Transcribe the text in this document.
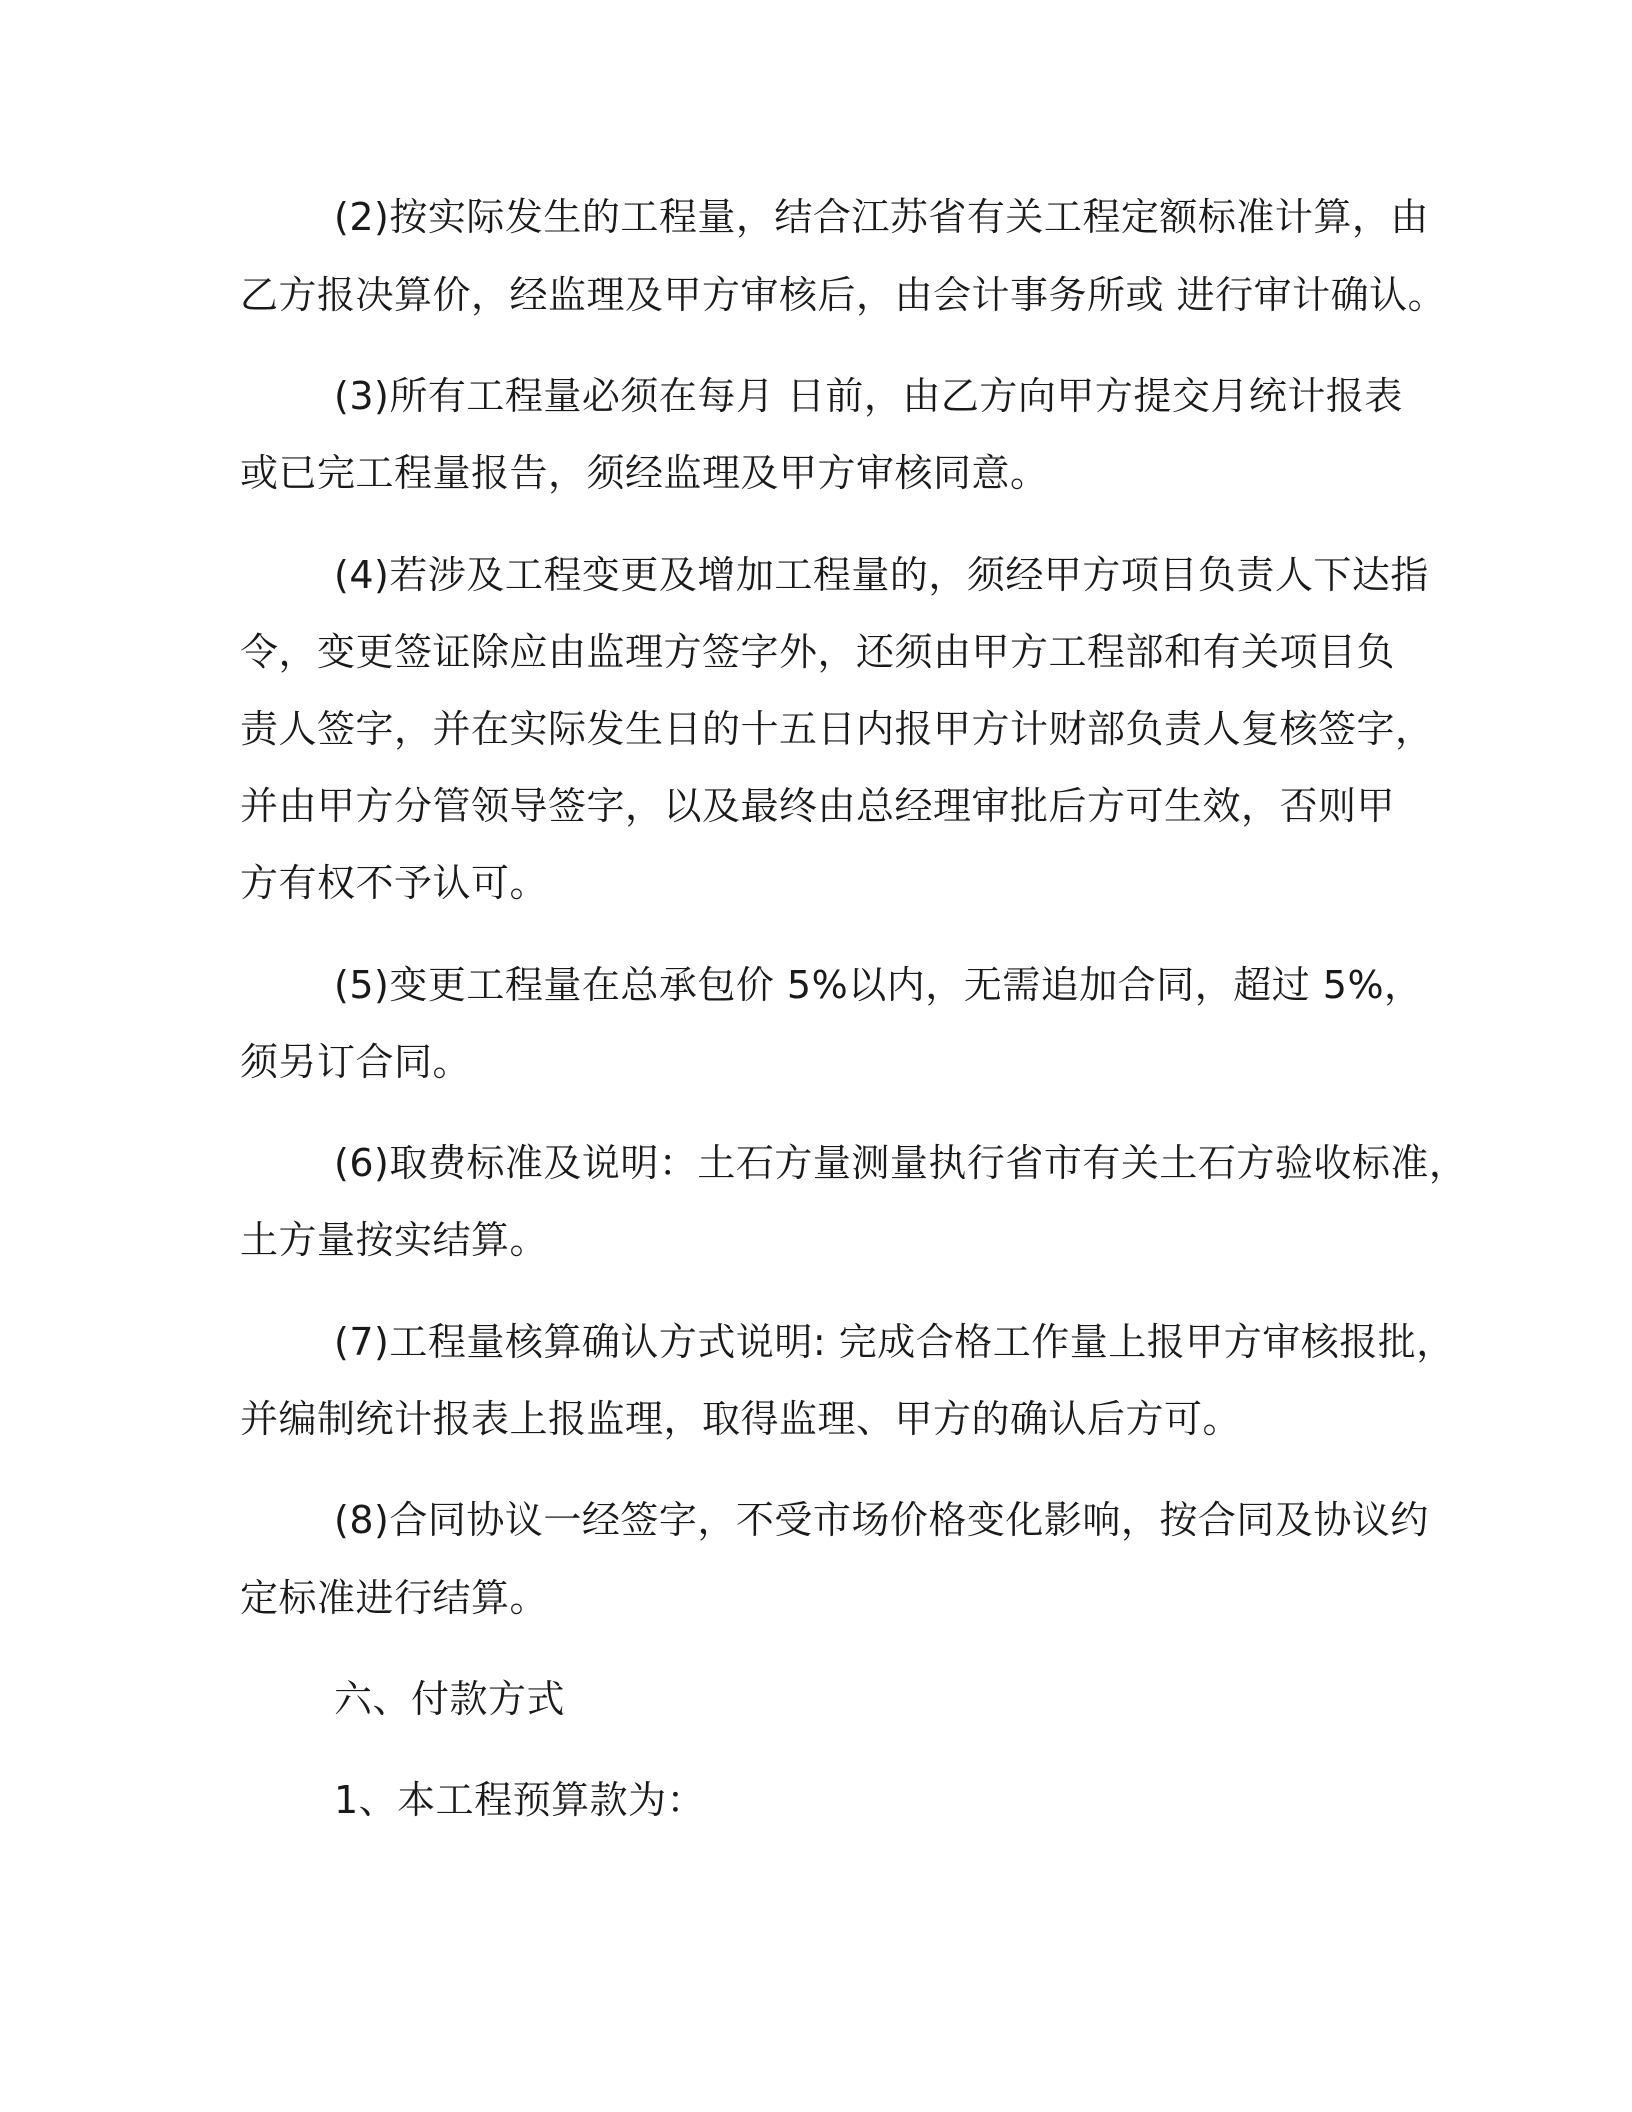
(2)按实际发生的工程量，结合江苏省有关工程定额标准计算，由
乙方报决算价，经监理及甲方审核后，由会计事务所或 进行审计确认。
(3)所有工程量必须在每月 日前，由乙方向甲方提交月统计报表
或已完工程量报告，须经监理及甲方审核同意。
(4)若涉及工程变更及增加工程量的，须经甲方项目负责人下达指
令，变更签证除应由监理方签字外，还须由甲方工程部和有关项目负
责人签字，并在实际发生日的十五日内报甲方计财部负责人复核签字，
并由甲方分管领导签字，以及最终由总经理审批后方可生效，否则甲
方有权不予认可。
(5)变更工程量在总承包价 5%以内，无需追加合同，超过 5%，
须另订合同。
(6)取费标准及说明：土石方量测量执行省市有关土石方验收标准，
土方量按实结算。
(7)工程量核算确认方式说明: 完成合格工作量上报甲方审核报批，
并编制统计报表上报监理，取得监理、甲方的确认后方可。
(8)合同协议一经签字，不受市场价格变化影响，按合同及协议约
定标准进行结算。
六、付款方式
1、本工程预算款为：
